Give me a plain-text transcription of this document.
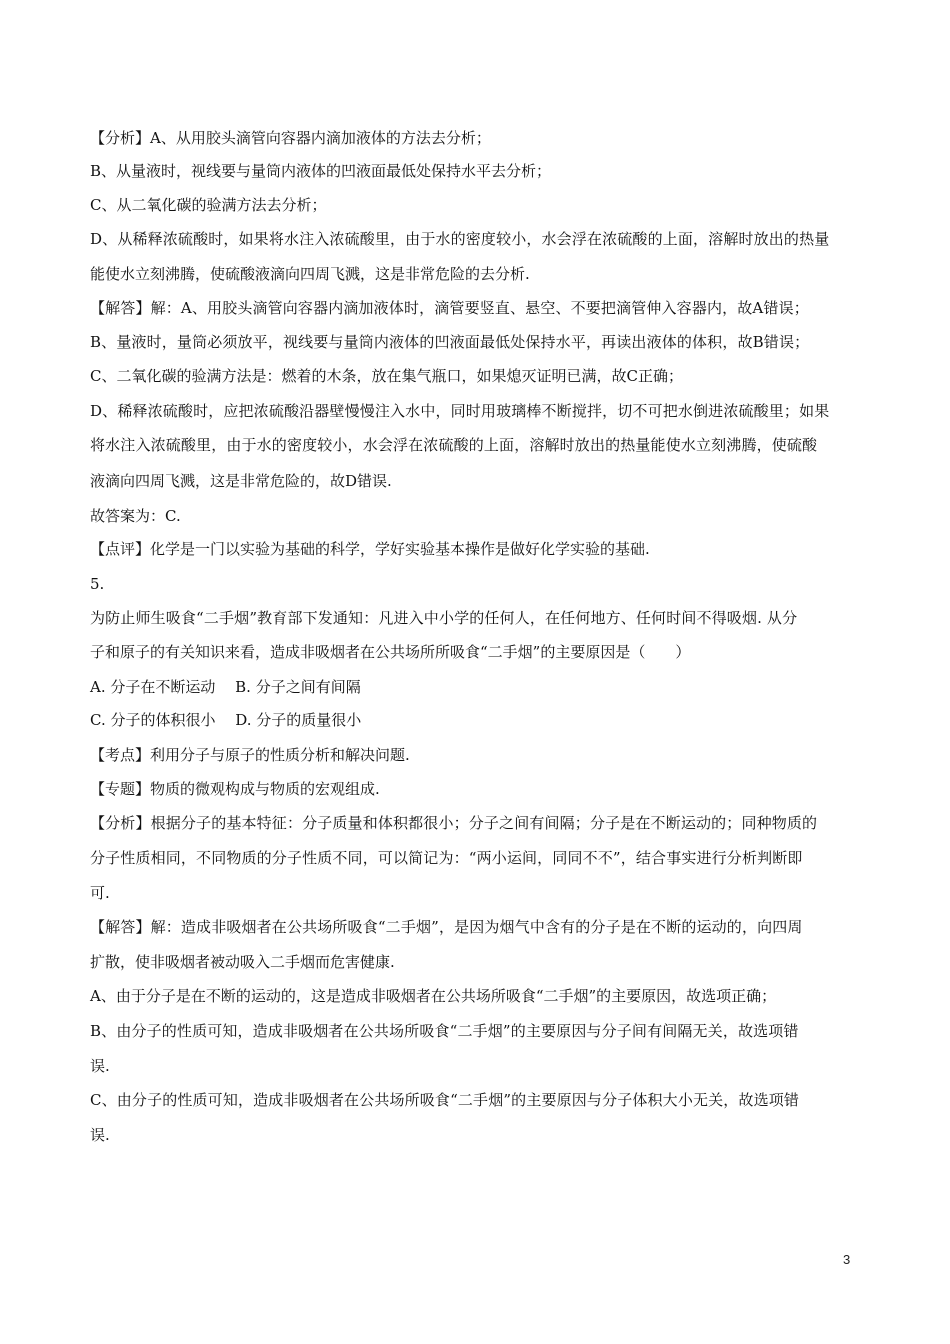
【分析】A、从用胶头滴管向容器内滴加液体的方法去分析；
B、从量液时，视线要与量筒内液体的凹液面最低处保持水平去分析；
C、从二氧化碳的验满方法去分析；
D、从稀释浓硫酸时，如果将水注入浓硫酸里，由于水的密度较小，水会浮在浓硫酸的上面，溶解时放出的热量
能使水立刻沸腾，使硫酸液滴向四周飞溅，这是非常危险的去分析.
【解答】解：A、用胶头滴管向容器内滴加液体时，滴管要竖直、悬空、不要把滴管伸入容器内，故A错误；
B、量液时，量筒必须放平，视线要与量筒内液体的凹液面最低处保持水平，再读出液体的体积，故B错误；
C、二氧化碳的验满方法是：燃着的木条，放在集气瓶口，如果熄灭证明已满，故C正确；
D、稀释浓硫酸时，应把浓硫酸沿器壁慢慢注入水中，同时用玻璃棒不断搅拌，切不可把水倒进浓硫酸里；如果
将水注入浓硫酸里，由于水的密度较小，水会浮在浓硫酸的上面，溶解时放出的热量能使水立刻沸腾，使硫酸
液滴向四周飞溅，这是非常危险的，故D错误.
故答案为：C.
【点评】化学是一门以实验为基础的科学，学好实验基本操作是做好化学实验的基础.
5.
为防止师生吸食“二手烟”教育部下发通知：凡进入中小学的任何人，在任何地方、任何时间不得吸烟. 从分
子和原子的有关知识来看，造成非吸烟者在公共场所所吸食“二手烟”的主要原因是（　　）
A. 分子在不断运动　 B. 分子之间有间隔
C. 分子的体积很小　 D. 分子的质量很小
【考点】利用分子与原子的性质分析和解决问题.
【专题】物质的微观构成与物质的宏观组成.
【分析】根据分子的基本特征：分子质量和体积都很小；分子之间有间隔；分子是在不断运动的；同种物质的
分子性质相同，不同物质的分子性质不同，可以简记为：“两小运间，同同不不”，结合事实进行分析判断即
可.
【解答】解：造成非吸烟者在公共场所吸食“二手烟”，是因为烟气中含有的分子是在不断的运动的，向四周
扩散，使非吸烟者被动吸入二手烟而危害健康.
A、由于分子是在不断的运动的，这是造成非吸烟者在公共场所吸食“二手烟”的主要原因，故选项正确；
B、由分子的性质可知，造成非吸烟者在公共场所吸食“二手烟”的主要原因与分子间有间隔无关，故选项错
误.
C、由分子的性质可知，造成非吸烟者在公共场所吸食“二手烟”的主要原因与分子体积大小无关，故选项错
误.
3
